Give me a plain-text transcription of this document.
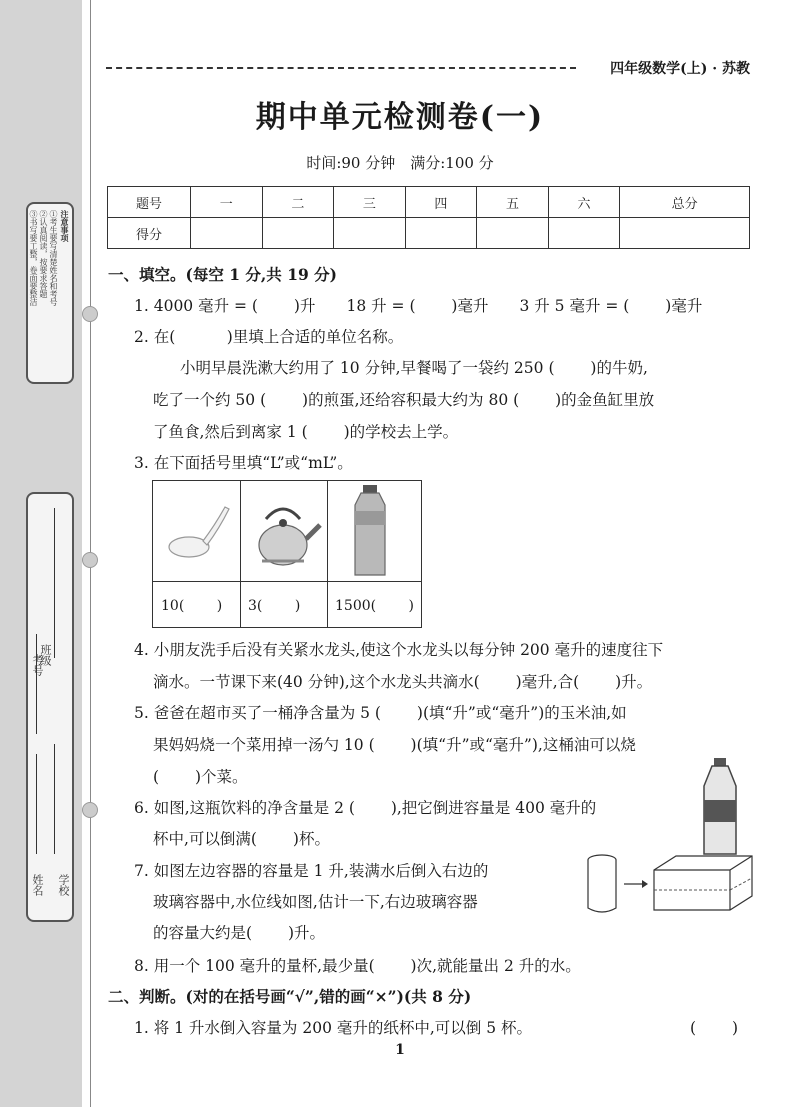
注意事项
①考生要写清楚姓名和考号
②认真阅读，按要求答题
③书写要工整，卷面要整洁
班级
考号
学校
姓名
四年级数学(上) · 苏教
期中单元检测卷(一)
时间:90 分钟　满分:100 分
题号	一	二	三	四	五	六	总分
得分							
一、填空。(每空 1 分,共 19 分)
1. 4000 毫升 = (　　 )升　　18 升 = (　　 )毫升　　3 升 5 毫升 = (　　 )毫升
2. 在(　　　 )里填上合适的单位名称。
小明早晨洗漱大约用了 10 分钟,早餐喝了一袋约 250 (　　 )的牛奶,
吃了一个约 50 (　　 )的煎蛋,还给容积最大约为 80 (　　 )的金鱼缸里放
了鱼食,然后到离家 1 (　　 )的学校去上学。
3. 在下面括号里填“L”或“mL”。
10(　　 ) 3(　　 ) 1500(　　 )
4. 小朋友洗手后没有关紧水龙头,使这个水龙头以每分钟 200 毫升的速度往下
滴水。一节课下来(40 分钟),这个水龙头共滴水(　　 )毫升,合(　　 )升。
5. 爸爸在超市买了一桶净含量为 5 (　　 )(填“升”或“毫升”)的玉米油,如
果妈妈烧一个菜用掉一汤勺 10 (　　 )(填“升”或“毫升”),这桶油可以烧
(　　 )个菜。
6. 如图,这瓶饮料的净含量是 2 (　　 ),把它倒进容量是 400 毫升的
杯中,可以倒满(　　 )杯。
7. 如图左边容器的容量是 1 升,装满水后倒入右边的
玻璃容器中,水位线如图,估计一下,右边玻璃容器
的容量大约是(　　 )升。
8. 用一个 100 毫升的量杯,最少量(　　 )次,就能量出 2 升的水。
二、判断。(对的在括号画“√”,错的画“×”)(共 8 分)
1. 将 1 升水倒入容量为 200 毫升的纸杯中,可以倒 5 杯。	(　　 )
1
